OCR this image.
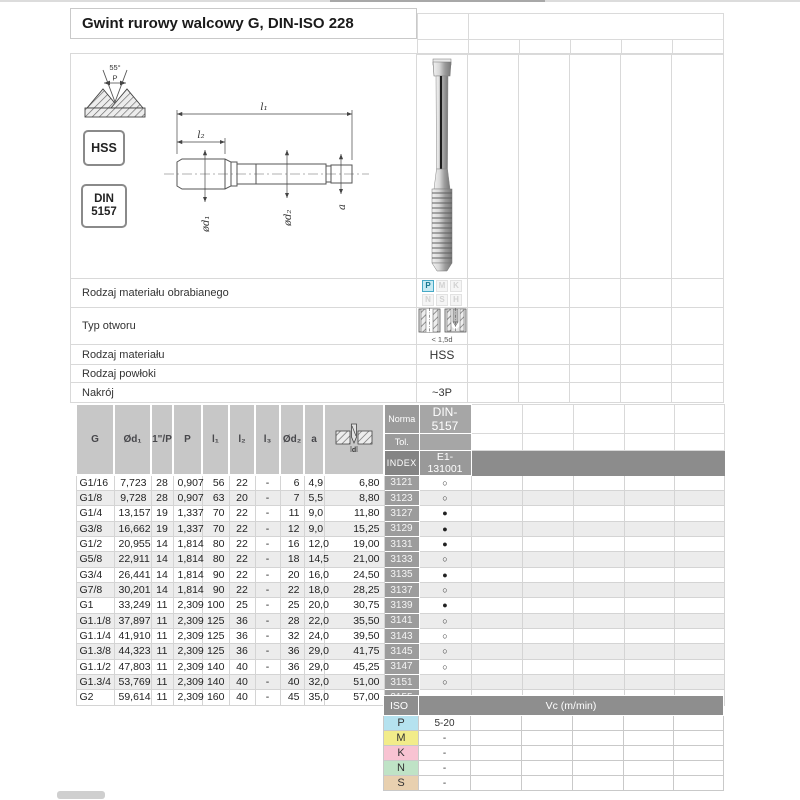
Gwint rurowy walcowy G, DIN-ISO 228
55°
P
HSS
DIN
5157
l₁
l₂
ød₁	ød₂
a
Rodzaj materiału obrabianego
P M K
N	S	H
Typ otworu
< 1,5d
Rodzaj materiału	HSS
Rodzaj powłoki
Nakrój	~3P
G	Ød₁	1"/P	P	l₁	l₂	l₃	Ød₂	a	d	Norma	DIN-5157					
										Tol.						
										INDEX	E1-131001					
G1/16	7,723	28	0,907	56	22	-	6	4,9	6,80	3121	○					
G1/8	9,728	28	0,907	63	20	-	7	5,5	8,80	3123	○					
G1/4	13,157	19	1,337	70	22	-	11	9,0	11,80	3127	●					
G3/8	16,662	19	1,337	70	22	-	12	9,0	15,25	3129	●					
G1/2	20,955	14	1,814	80	22	-	16	12,0	19,00	3131	●					
G5/8	22,911	14	1,814	80	22	-	18	14,5	21,00	3133	○					
G3/4	26,441	14	1,814	90	22	-	20	16,0	24,50	3135	●					
G7/8	30,201	14	1,814	90	22	-	22	18,0	28,25	3137	○					
G1	33,249	11	2,309	100	25	-	25	20,0	30,75	3139	●					
G1.1/8	37,897	11	2,309	125	36	-	28	22,0	35,50	3141	○					
G1.1/4	41,910	11	2,309	125	36	-	32	24,0	39,50	3143	○					
G1.3/8	44,323	11	2,309	125	36	-	36	29,0	41,75	3145	○					
G1.1/2	47,803	11	2,309	140	40	-	36	29,0	45,25	3147	○					
G1.3/4	53,769	11	2,309	140	40	-	40	32,0	51,00	3151	○					
G2	59,614	11	2,309	160	40	-	45	35,0	57,00							
ISO	Vc (m/min)					
P	5-20					
M	-					
K	-					
N	-					
S	-					
